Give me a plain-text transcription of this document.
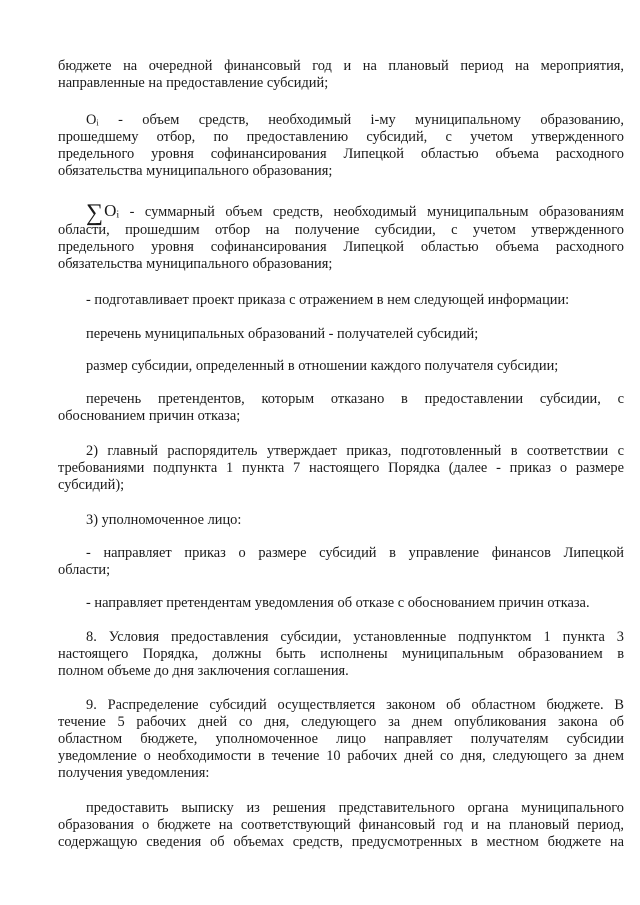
бюджете на очередной финансовый год и на плановый период на мероприятия,
направленные на предоставление субсидий;
Oᵢ - объем средств, необходимый i-му муниципальному образованию,
прошедшему отбор, по предоставлению субсидий, с учетом утвержденного
предельного уровня софинансирования Липецкой областью объема расходного
обязательства муниципального образования;
∑Oᵢ - суммарный объем средств, необходимый муниципальным образованиям
области, прошедшим отбор на получение субсидии, с учетом утвержденного
предельного уровня софинансирования Липецкой областью объема расходного
обязательства муниципального образования;
- подготавливает проект приказа с отражением в нем следующей информации:
перечень муниципальных образований - получателей субсидий;
размер субсидии, определенный в отношении каждого получателя субсидии;
перечень претендентов, которым отказано в предоставлении субсидии, с
обоснованием причин отказа;
2) главный распорядитель утверждает приказ, подготовленный в соответствии с
требованиями подпункта 1 пункта 7 настоящего Порядка (далее - приказ о размере
субсидий);
3) уполномоченное лицо:
- направляет приказ о размере субсидий в управление финансов Липецкой
области;
- направляет претендентам уведомления об отказе с обоснованием причин отказа.
8. Условия предоставления субсидии, установленные подпунктом 1 пункта 3
настоящего Порядка, должны быть исполнены муниципальным образованием в
полном объеме до дня заключения соглашения.
9. Распределение субсидий осуществляется законом об областном бюджете. В
течение 5 рабочих дней со дня, следующего за днем опубликования закона об
областном бюджете, уполномоченное лицо направляет получателям субсидии
уведомление о необходимости в течение 10 рабочих дней со дня, следующего за днем
получения уведомления:
предоставить выписку из решения представительного органа муниципального
образования о бюджете на соответствующий финансовый год и на плановый период,
содержащую сведения об объемах средств, предусмотренных в местном бюджете на
